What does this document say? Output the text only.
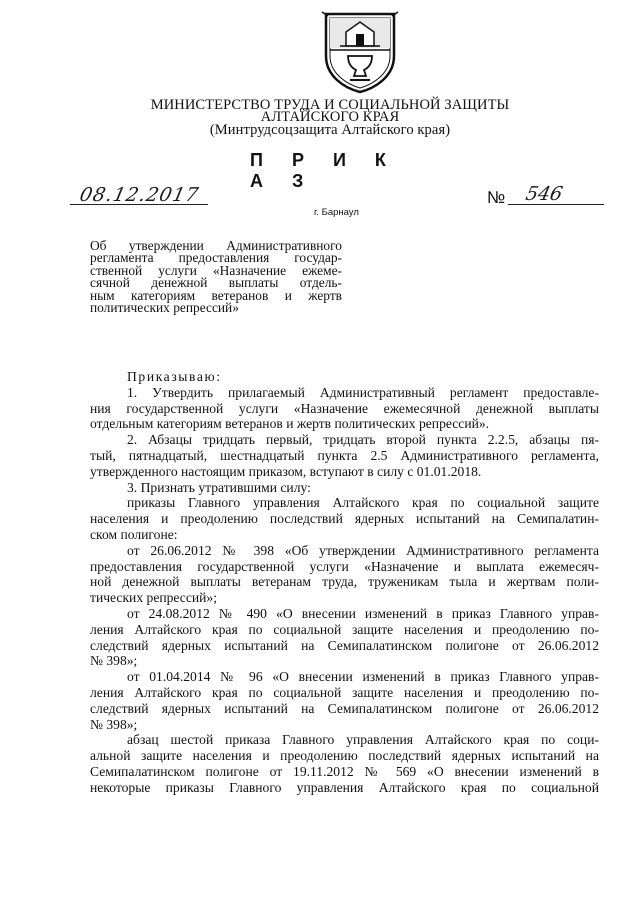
МИНИСТЕРСТВО ТРУДА И СОЦИАЛЬНОЙ ЗАЩИТЫ
АЛТАЙСКОГО КРАЯ
(Минтрудсоцзащита Алтайского края)
П Р И К А З
08.12.2017	№ 546
г. Барнаул
Об утверждении Административного
регламента предоставления государ-
ственной услуги «Назначение ежеме-
сячной денежной выплаты отдель-
ным категориям ветеранов и жертв
политических репрессий»
Приказываю:
1. Утвердить прилагаемый Административный регламент предоставле-
ния государственной услуги «Назначение ежемесячной денежной выплаты
отдельным категориям ветеранов и жертв политических репрессий».
2. Абзацы тридцать первый, тридцать второй пункта 2.2.5, абзацы пя-
тый, пятнадцатый, шестнадцатый пункта 2.5 Административного регламента,
утвержденного настоящим приказом, вступают в силу с 01.01.2018.
3. Признать утратившими силу:
приказы Главного управления Алтайского края по социальной защите
населения и преодолению последствий ядерных испытаний на Семипалатин-
ском полигоне:
от 26.06.2012 № 398 «Об утверждении Административного регламента
предоставления государственной услуги «Назначение и выплата ежемесяч-
ной денежной выплаты ветеранам труда, труженикам тыла и жертвам поли-
тических репрессий»;
от 24.08.2012 № 490 «О внесении изменений в приказ Главного управ-
ления Алтайского края по социальной защите населения и преодолению по-
следствий ядерных испытаний на Семипалатинском полигоне от 26.06.2012
№ 398»;
от 01.04.2014 № 96 «О внесении изменений в приказ Главного управ-
ления Алтайского края по социальной защите населения и преодолению по-
следствий ядерных испытаний на Семипалатинском полигоне от 26.06.2012
№ 398»;
абзац шестой приказа Главного управления Алтайского края по соци-
альной защите населения и преодолению последствий ядерных испытаний на
Семипалатинском полигоне от 19.11.2012 № 569 «О внесении изменений в
некоторые приказы Главного управления Алтайского края по социальной
